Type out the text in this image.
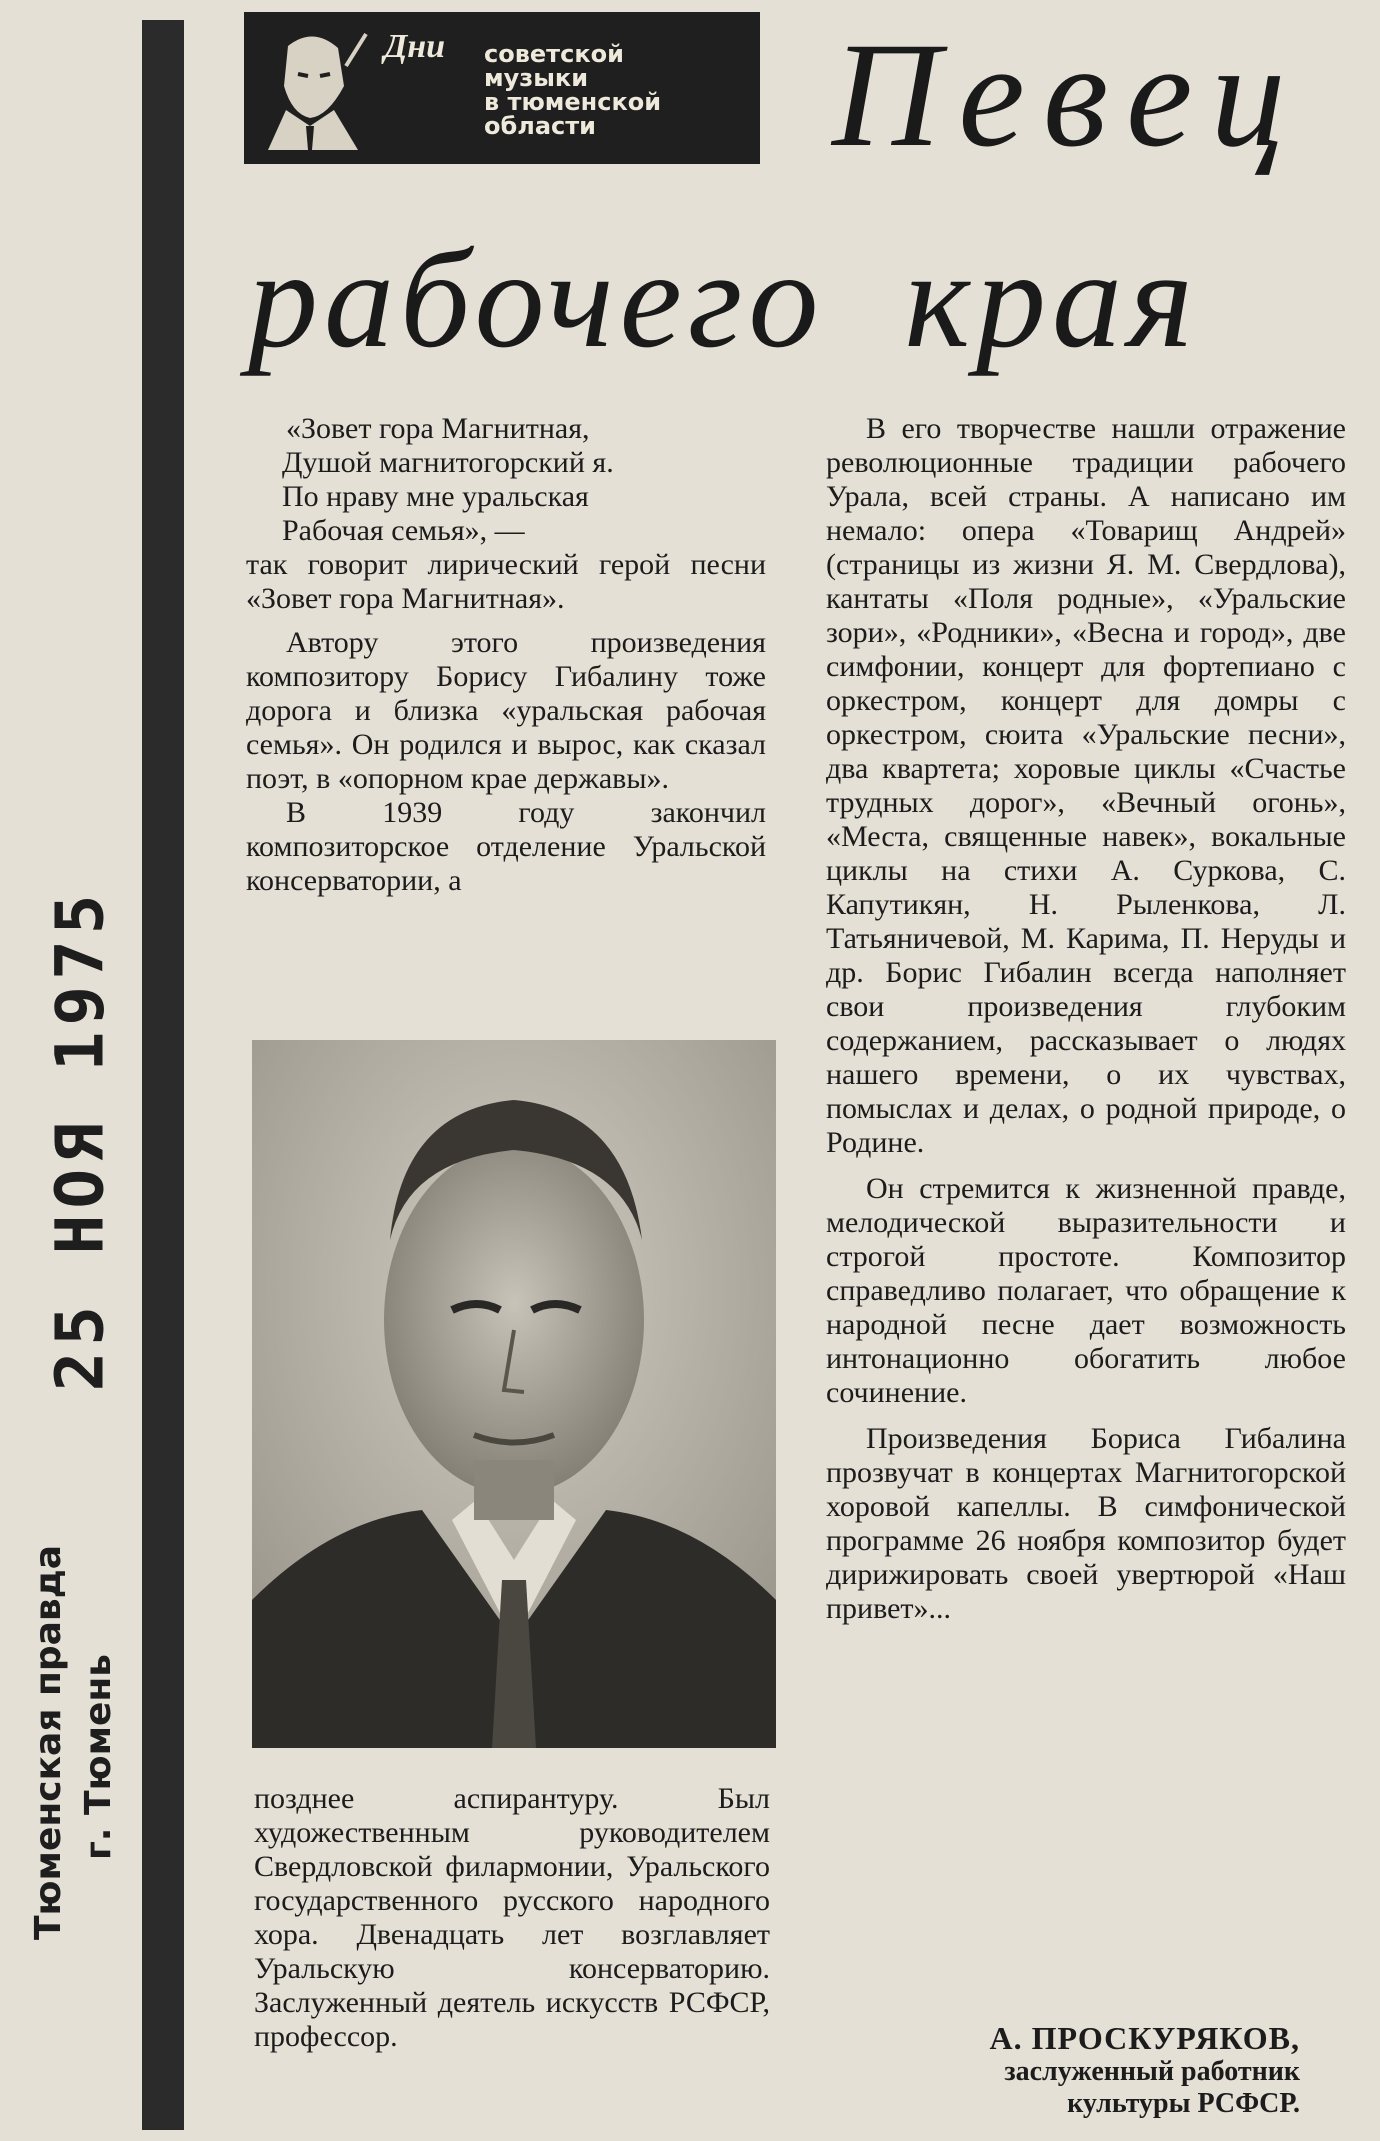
25 НОЯ 1975
Тюменская правда г. Тюмень
Дни советской
музыки
в тюменской
области	Певец
рабочего края

«Зовет гора Магнитная,

Душой магнитогорский я.

По нраву мне уральская

Рабочая семья», —

так говорит лирический герой песни «Зовет гора Магнитная».

Автору этого произведения композитору Борису Гибалину тоже дорога и близка «уральская рабочая семья». Он родился и вырос, как сказал поэт, в «опорном крае державы».

В 1939 году закончил композиторское отделение Уральской консерватории, а

позднее аспирантуру. Был художественным руководителем Свердловской филармонии, Уральского государственного русского народного хора. Двенадцать лет возглавляет Уральскую консерваторию. Заслуженный деятель искусств РСФСР, профессор.

В его творчестве нашли отражение революционные традиции рабочего Урала, всей страны. А написано им немало: опера «Товарищ Андрей» (страницы из жизни Я. М. Свердлова), кантаты «Поля родные», «Уральские зори», «Родники», «Весна и город», две симфонии, концерт для фортепиано с оркестром, концерт для домры с оркестром, сюита «Уральские песни», два квартета; хоровые циклы «Счастье трудных дорог», «Вечный огонь», «Места, священные навек», вокальные циклы на стихи А. Суркова, С. Капутикян, Н. Рыленкова, Л. Татьяничевой, М. Карима, П. Неруды и др. Борис Гибалин всегда наполняет свои произведения глубоким содержанием, рассказывает о людях нашего времени, о их чувствах, помыслах и делах, о родной природе, о Родине.

Он стремится к жизненной правде, мелодической выразительности и строгой простоте. Композитор справедливо полагает, что обращение к народной песне дает возможность интонационно обогатить любое сочинение.

Произведения Бориса Гибалина прозвучат в концертах Магнитогорской хоровой капеллы. В симфонической программе 26 ноября композитор будет дирижировать своей увертюрой «Наш привет»...

А. ПРОСКУРЯКОВ,
заслуженный работник
культуры РСФСР.
